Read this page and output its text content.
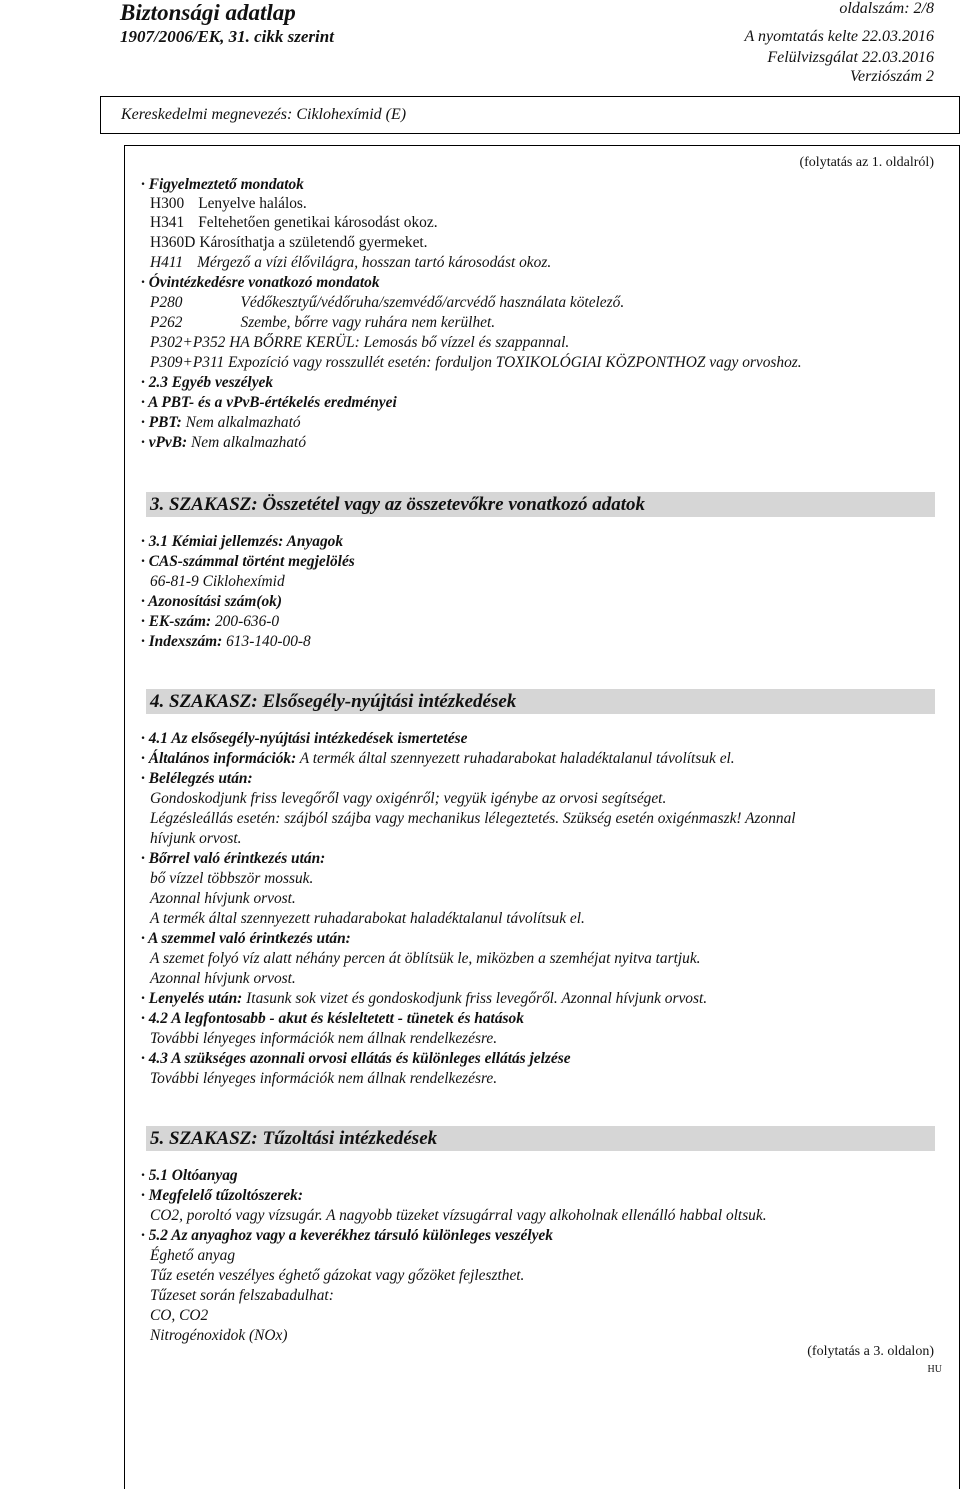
Biztonsági adatlap
1907/2006/EK, 31. cikk szerint
oldalszám: 2/8
A nyomtatás kelte 22.03.2016
Felülvizsgálat 22.03.2016
Verziószám 2
Kereskedelmi megnevezés: Ciklohexímid (E)
(folytatás az 1. oldalról)
· Figyelmeztető mondatok
H300 Lenyelve halálos.
H341 Feltehetően genetikai károsodást okoz.
H360D Károsíthatja a születendő gyermeket.
H411 Mérgező a vízi élővilágra, hosszan tartó károsodást okoz.
· Óvintézkedésre vonatkozó mondatok
P280	Védőkesztyű/védőruha/szemvédő/arcvédő használata kötelező.
P262	Szembe, bőrre vagy ruhára nem kerülhet.
P302+P352 HA BŐRRE KERÜL: Lemosás bő vízzel és szappannal.
P309+P311 Expozíció vagy rosszullét esetén: forduljon TOXIKOLÓGIAI KÖZPONTHOZ vagy orvoshoz.
· 2.3 Egyéb veszélyek
· A PBT- és a vPvB-értékelés eredményei
· PBT: Nem alkalmazható
· vPvB: Nem alkalmazható
3. SZAKASZ: Összetétel vagy az összetevőkre vonatkozó adatok
· 3.1 Kémiai jellemzés: Anyagok
· CAS-számmal történt megjelölés
66-81-9 Ciklohexímid
· Azonosítási szám(ok)
· EK-szám: 200-636-0
· Indexszám: 613-140-00-8
4. SZAKASZ: Elsősegély-nyújtási intézkedések
· 4.1 Az elsősegély-nyújtási intézkedések ismertetése
· Általános információk: A termék által szennyezett ruhadarabokat haladéktalanul távolítsuk el.
· Belélegzés után:
Gondoskodjunk friss levegőről vagy oxigénről; vegyük igénybe az orvosi segítséget.
Légzésleállás esetén: szájból szájba vagy mechanikus lélegeztetés. Szükség esetén oxigénmaszk! Azonnal
hívjunk orvost.
· Bőrrel való érintkezés után:
bő vízzel többször mossuk.
Azonnal hívjunk orvost.
A termék által szennyezett ruhadarabokat haladéktalanul távolítsuk el.
· A szemmel való érintkezés után:
A szemet folyó víz alatt néhány percen át öblítsük le, miközben a szemhéjat nyitva tartjuk.
Azonnal hívjunk orvost.
· Lenyelés után: Itasunk sok vizet és gondoskodjunk friss levegőről. Azonnal hívjunk orvost.
· 4.2 A legfontosabb - akut és késleltetett - tünetek és hatások
További lényeges információk nem állnak rendelkezésre.
· 4.3 A szükséges azonnali orvosi ellátás és különleges ellátás jelzése
További lényeges információk nem állnak rendelkezésre.
5. SZAKASZ: Tűzoltási intézkedések
· 5.1 Oltóanyag
· Megfelelő tűzoltószerek:
CO2, poroltó vagy vízsugár. A nagyobb tüzeket vízsugárral vagy alkoholnak ellenálló habbal oltsuk.
· 5.2 Az anyaghoz vagy a keverékhez társuló különleges veszélyek
Éghető anyag
Tűz esetén veszélyes éghető gázokat vagy gőzöket fejleszthet.
Tűzeset során felszabadulhat:
CO, CO2
Nitrogénoxidok (NOx)
(folytatás a 3. oldalon)
HU
